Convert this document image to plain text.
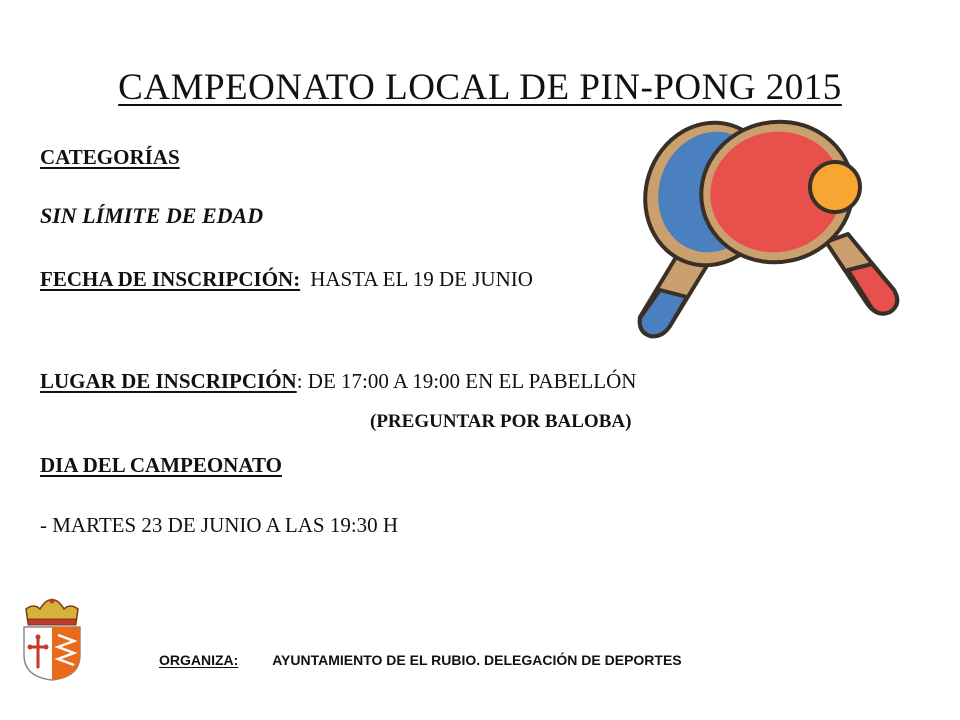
CAMPEONATO LOCAL DE PIN-PONG 2015
CATEGORÍAS
SIN LÍMITE DE EDAD
FECHA DE INSCRIPCIÓN: HASTA EL 19 DE JUNIO
LUGAR DE INSCRIPCIÓN: DE 17:00 A 19:00 EN EL PABELLÓN
(PREGUNTAR POR BALOBA)
DIA DEL CAMPEONATO
- MARTES 23 DE JUNIO A LAS 19:30 H
ORGANIZA: AYUNTAMIENTO DE EL RUBIO. DELEGACIÓN DE DEPORTES
